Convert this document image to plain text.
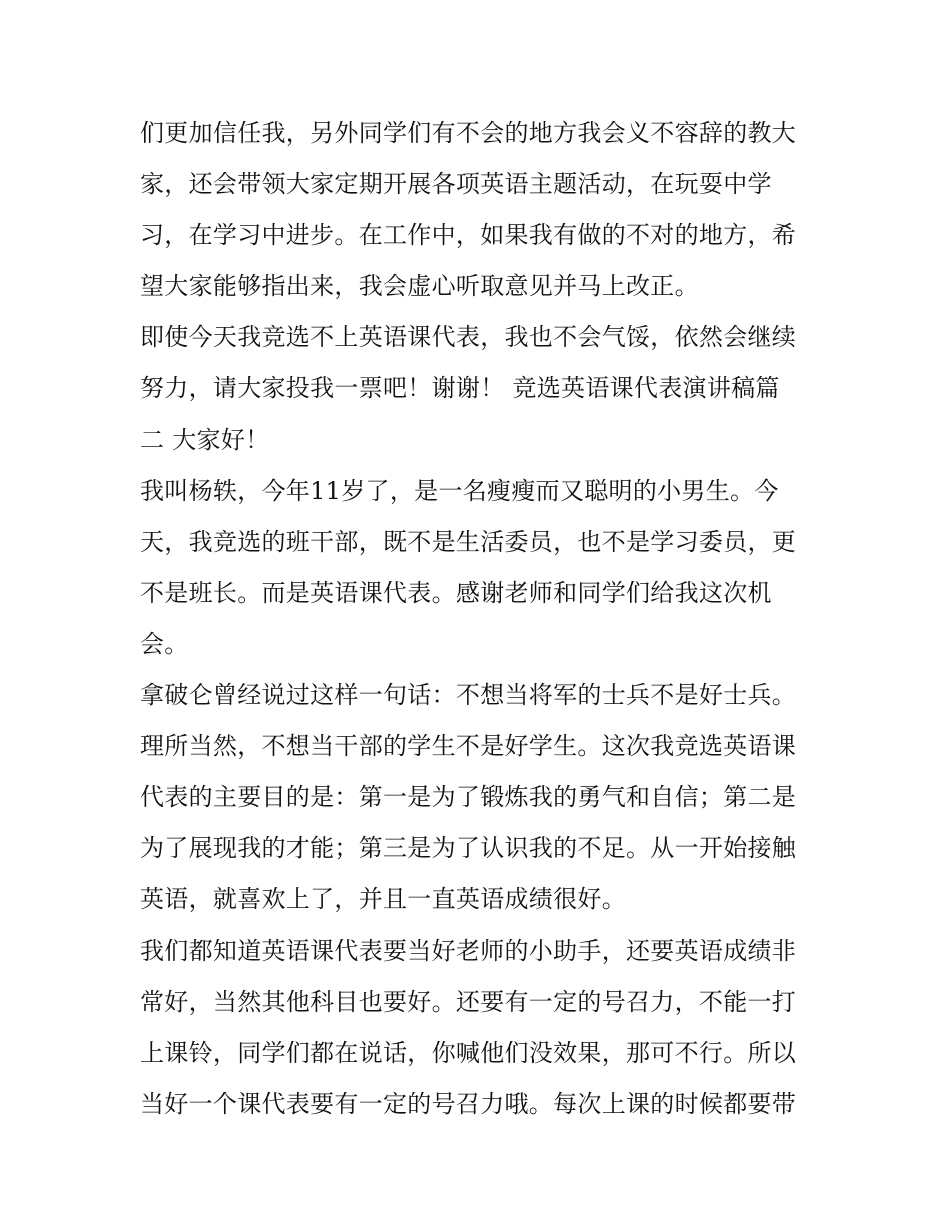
们更加信任我，另外同学们有不会的地方我会义不容辞的教大
家，还会带领大家定期开展各项英语主题活动，在玩耍中学
习，在学习中进步。在工作中，如果我有做的不对的地方，希
望大家能够指出来，我会虚心听取意见并马上改正。
即使今天我竞选不上英语课代表，我也不会气馁，依然会继续
努力，请大家投我一票吧！谢谢！ 竞选英语课代表演讲稿篇
二 大家好！
我叫杨轶，今年11岁了，是一名瘦瘦而又聪明的小男生。今
天，我竞选的班干部，既不是生活委员，也不是学习委员，更
不是班长。而是英语课代表。感谢老师和同学们给我这次机
会。
拿破仑曾经说过这样一句话：不想当将军的士兵不是好士兵。
理所当然，不想当干部的学生不是好学生。这次我竞选英语课
代表的主要目的是：第一是为了锻炼我的勇气和自信；第二是
为了展现我的才能；第三是为了认识我的不足。从一开始接触
英语，就喜欢上了，并且一直英语成绩很好。
我们都知道英语课代表要当好老师的小助手，还要英语成绩非
常好，当然其他科目也要好。还要有一定的号召力，不能一打
上课铃，同学们都在说话，你喊他们没效果，那可不行。所以
当好一个课代表要有一定的号召力哦。每次上课的时候都要带
